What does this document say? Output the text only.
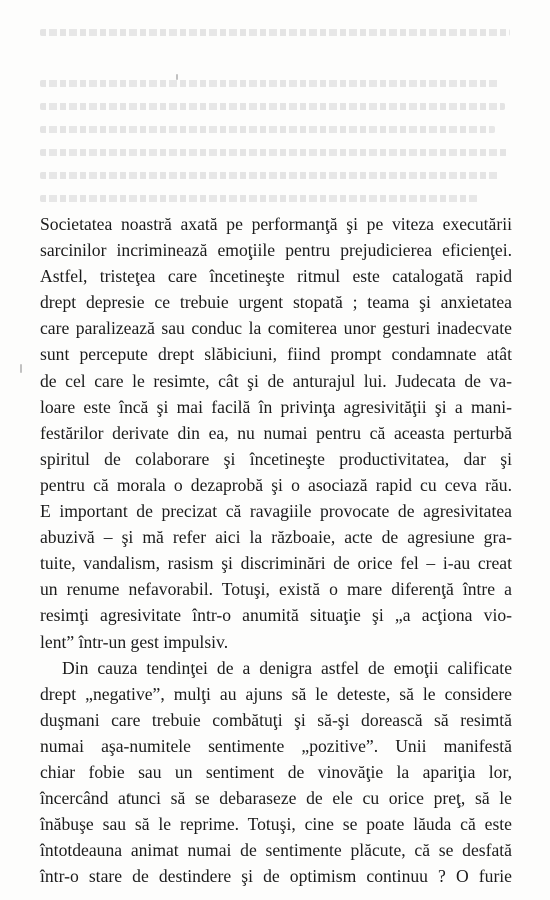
Societatea noastră axată pe performanţă şi pe viteza executării
sarcinilor incriminează emoţiile pentru prejudicierea eficienţei.
Astfel, tristeţea care încetineşte ritmul este catalogată rapid
drept depresie ce trebuie urgent stopată ; teama şi anxietatea
care paralizează sau conduc la comiterea unor gesturi inadecvate
sunt percepute drept slăbiciuni, fiind prompt condamnate atât
de cel care le resimte, cât şi de anturajul lui. Judecata de va-
loare este încă şi mai facilă în privinţa agresivităţii şi a mani-
festărilor derivate din ea, nu numai pentru că aceasta perturbă
spiritul de colaborare şi încetineşte productivitatea, dar şi
pentru că morala o dezaprobă şi o asociază rapid cu ceva rău.
E important de precizat că ravagiile provocate de agresivitatea
abuzivă – şi mă refer aici la războaie, acte de agresiune gra-
tuite, vandalism, rasism şi discriminări de orice fel – i-au creat
un renume nefavorabil. Totuşi, există o mare diferenţă între a
resimţi agresivitate într-o anumită situaţie şi „a acţiona vio-
lent” într-un gest impulsiv.
Din cauza tendinţei de a denigra astfel de emoţii calificate
drept „negative”, mulţi au ajuns să le deteste, să le considere
duşmani care trebuie combătuţi şi să-şi dorească să resimtă
numai aşa-numitele sentimente „pozitive”. Unii manifestă
chiar fobie sau un sentiment de vinovăţie la apariţia lor,
încercând atunci să se debaraseze de ele cu orice preţ, să le
înăbuşe sau să le reprime. Totuşi, cine se poate lăuda că este
întotdeauna animat numai de sentimente plăcute, că se desfată
într-o stare de destindere şi de optimism continuu ? O furie
